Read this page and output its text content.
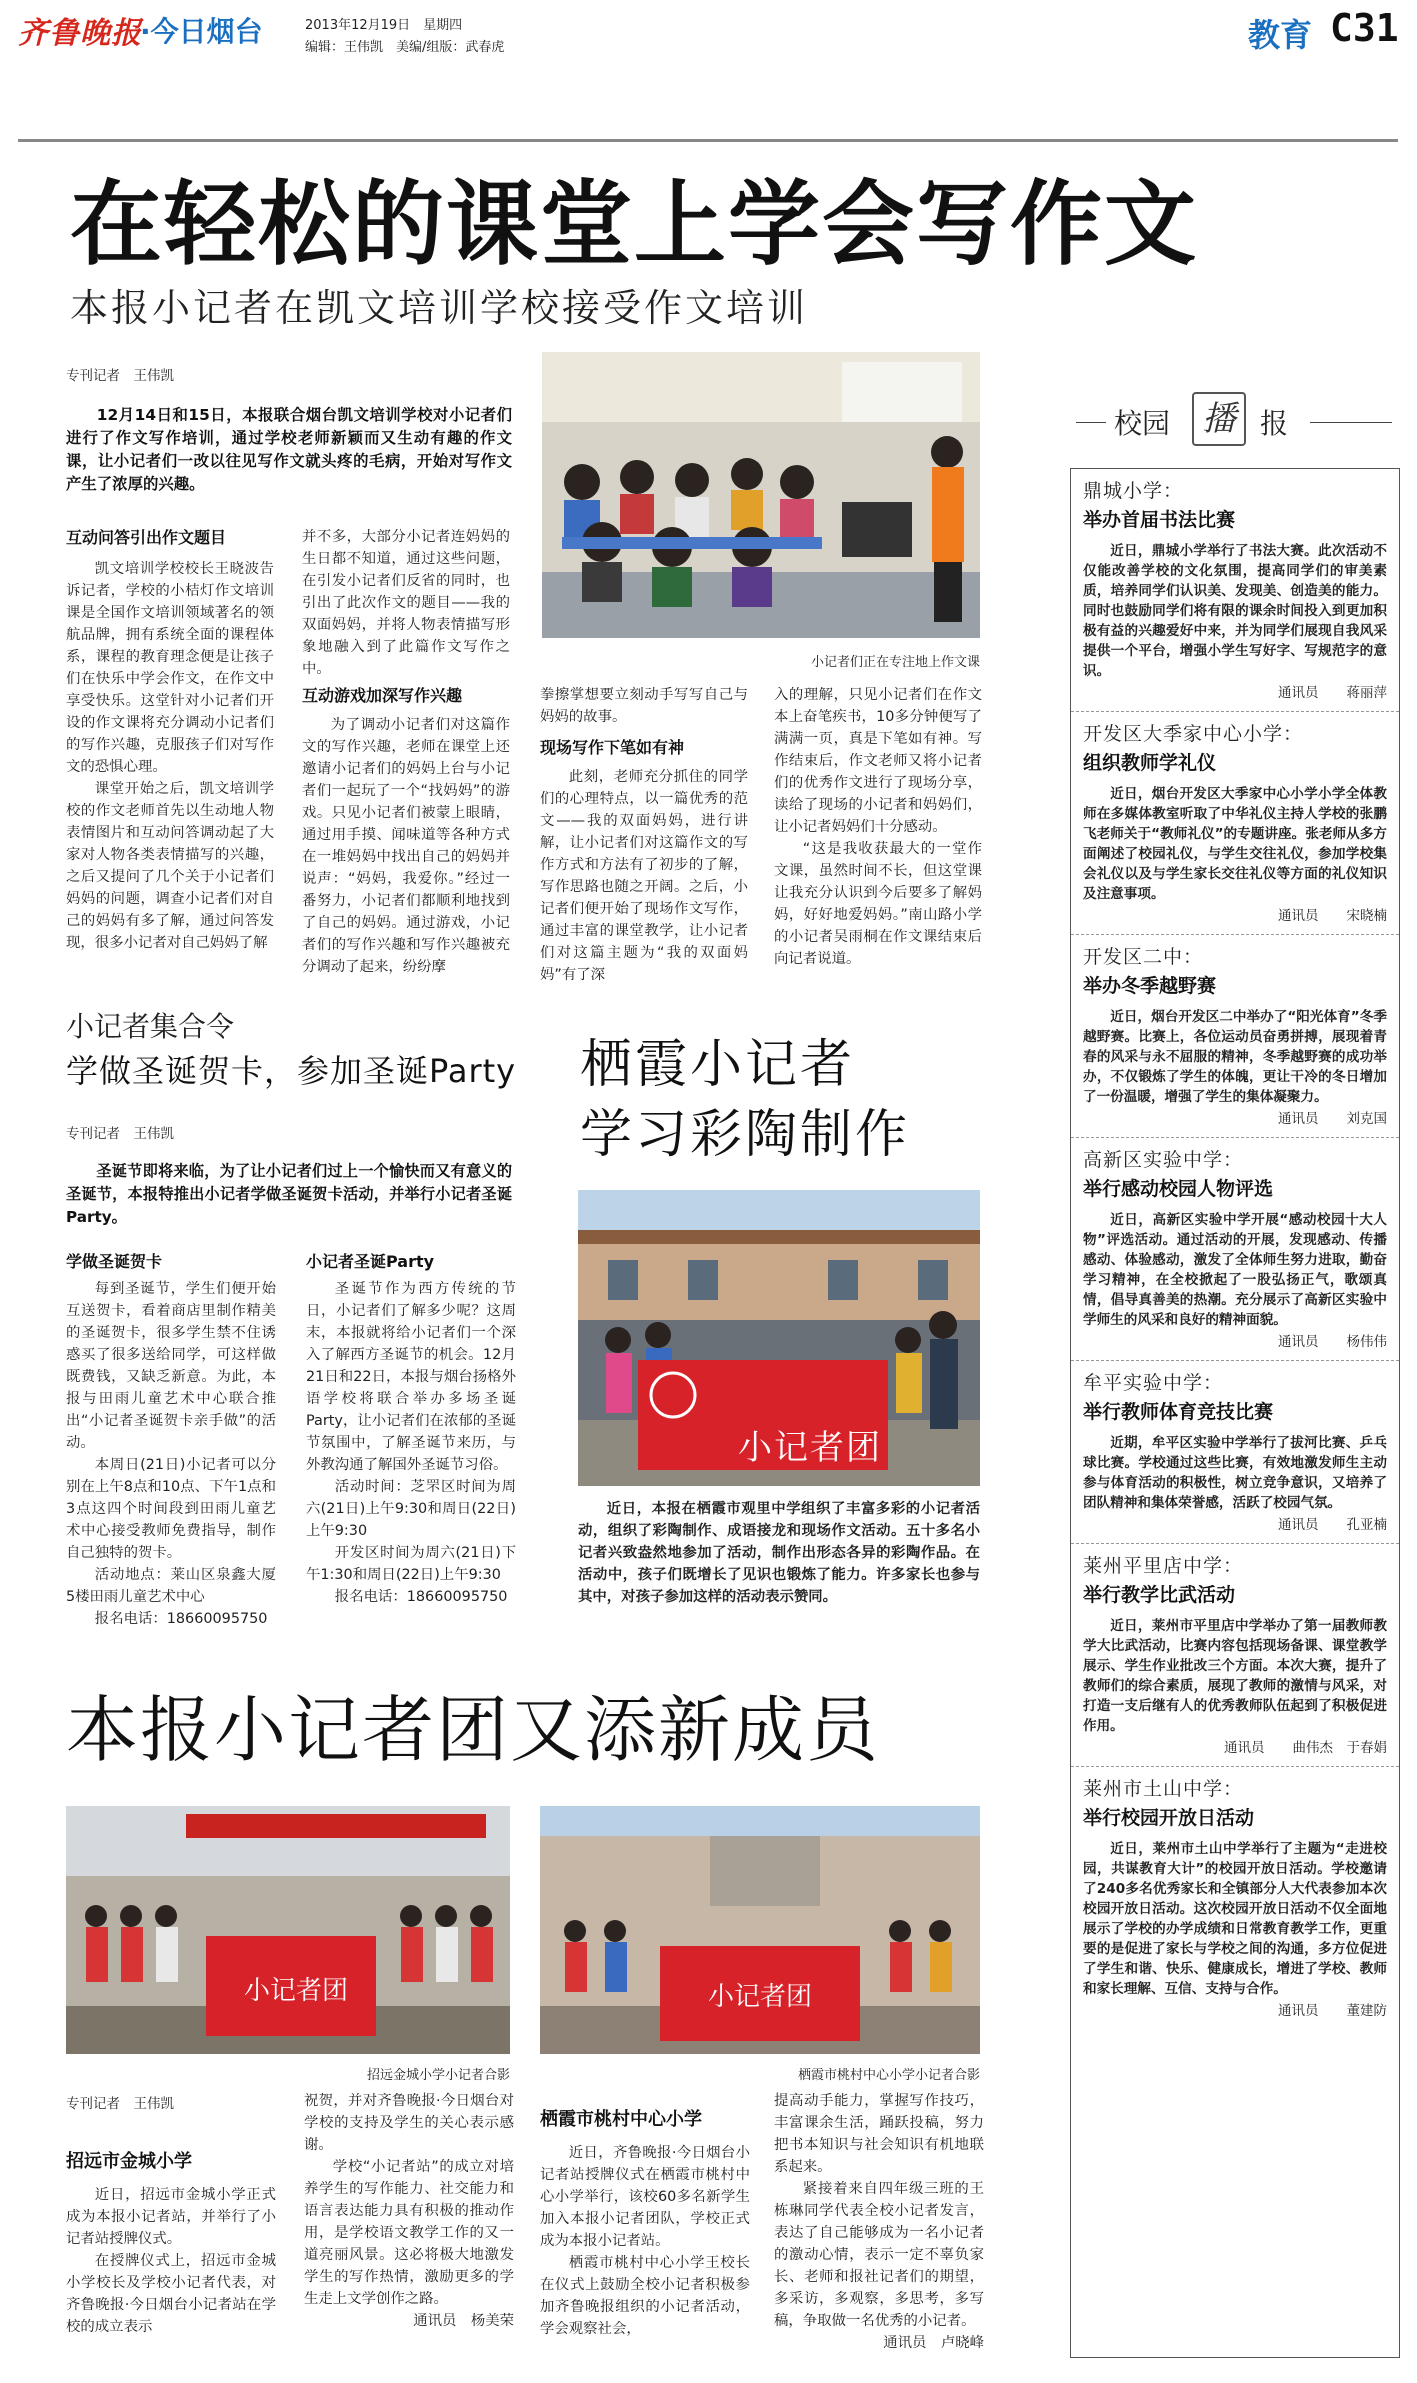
齐鲁晚报
·今日烟台	2013年12月19日　星期四
编辑：王伟凯　美编/组版：武春虎	教育 C31
在轻松的课堂上学会写作文
本报小记者在凯文培训学校接受作文培训
专刊记者　王伟凯
12月14日和15日，本报联合烟台凯文培训学校对小记者们进行了作文写作培训，通过学校老师新颖而又生动有趣的作文课，让小记者们一改以往见写作文就头疼的毛病，开始对写作文产生了浓厚的兴趣。
互动问答引出作文题目
凯文培训学校校长王晓波告诉记者，学校的小桔灯作文培训课是全国作文培训领域著名的领航品牌，拥有系统全面的课程体系，课程的教育理念便是让孩子们在快乐中学会作文，在作文中享受快乐。这堂针对小记者们开设的作文课将充分调动小记者们的写作兴趣，克服孩子们对写作文的恐惧心理。
课堂开始之后，凯文培训学校的作文老师首先以生动地人物表情图片和互动问答调动起了大家对人物各类表情描写的兴趣，之后又提问了几个关于小记者们妈妈的问题，调查小记者们对自己的妈妈有多了解，通过问答发现，很多小记者对自己妈妈了解
并不多，大部分小记者连妈妈的生日都不知道，通过这些问题，在引发小记者们反省的同时，也引出了此次作文的题目——我的双面妈妈，并将人物表情描写形象地融入到了此篇作文写作之中。
互动游戏加深写作兴趣
为了调动小记者们对这篇作文的写作兴趣，老师在课堂上还邀请小记者们的妈妈上台与小记者们一起玩了一个“找妈妈”的游戏。只见小记者们被蒙上眼睛，通过用手摸、闻味道等各种方式在一堆妈妈中找出自己的妈妈并说声：“妈妈，我爱你。”经过一番努力，小记者们都顺利地找到了自己的妈妈。通过游戏，小记者们的写作兴趣和写作兴趣被充分调动了起来，纷纷摩
小记者们正在专注地上作文课
拳擦掌想要立刻动手写写自己与妈妈的故事。
现场写作下笔如有神
此刻，老师充分抓住的同学们的心理特点，以一篇优秀的范文——我的双面妈妈，进行讲解，让小记者们对这篇作文的写作方式和方法有了初步的了解，写作思路也随之开阔。之后，小记者们便开始了现场作文写作，通过丰富的课堂教学，让小记者们对这篇主题为“我的双面妈妈”有了深
入的理解，只见小记者们在作文本上奋笔疾书，10多分钟便写了满满一页，真是下笔如有神。写作结束后，作文老师又将小记者们的优秀作文进行了现场分享，读给了现场的小记者和妈妈们，让小记者妈妈们十分感动。
“这是我收获最大的一堂作文课，虽然时间不长，但这堂课让我充分认识到今后要多了解妈妈，好好地爱妈妈。”南山路小学的小记者吴雨桐在作文课结束后向记者说道。
小记者集合令
学做圣诞贺卡，参加圣诞Party
专刊记者　王伟凯
圣诞节即将来临，为了让小记者们过上一个愉快而又有意义的圣诞节，本报特推出小记者学做圣诞贺卡活动，并举行小记者圣诞Party。
学做圣诞贺卡
每到圣诞节，学生们便开始互送贺卡，看着商店里制作精美的圣诞贺卡，很多学生禁不住诱惑买了很多送给同学，可这样做既费钱，又缺乏新意。为此，本报与田雨儿童艺术中心联合推出“小记者圣诞贺卡亲手做”的活动。
本周日(21日)小记者可以分别在上午8点和10点、下午1点和3点这四个时间段到田雨儿童艺术中心接受教师免费指导，制作自己独特的贺卡。
活动地点：莱山区泉鑫大厦5楼田雨儿童艺术中心
报名电话：18660095750
小记者圣诞Party
圣诞节作为西方传统的节日，小记者们了解多少呢？这周末，本报就将给小记者们一个深入了解西方圣诞节的机会。12月21日和22日，本报与烟台扬格外语学校将联合举办多场圣诞Party，让小记者们在浓郁的圣诞节氛围中，了解圣诞节来历，与外教沟通了解国外圣诞节习俗。
活动时间：芝罘区时间为周六(21日)上午9:30和周日(22日)上午9:30
开发区时间为周六(21日)下午1:30和周日(22日)上午9:30
报名电话：18660095750
栖霞小记者
学习彩陶制作
小记者团
近日，本报在栖霞市观里中学组织了丰富多彩的小记者活动，组织了彩陶制作、成语接龙和现场作文活动。五十多名小记者兴致盎然地参加了活动，制作出形态各异的彩陶作品。在活动中，孩子们既增长了见识也锻炼了能力。许多家长也参与其中，对孩子参加这样的活动表示赞同。
本报小记者团又添新成员
小记者团
招远金城小学小记者合影
小记者团
栖霞市桃村中心小学小记者合影
专刊记者　王伟凯
招远市金城小学
近日，招远市金城小学正式成为本报小记者站，并举行了小记者站授牌仪式。
在授牌仪式上，招远市金城小学校长及学校小记者代表，对齐鲁晚报·今日烟台小记者站在学校的成立表示
祝贺，并对齐鲁晚报·今日烟台对学校的支持及学生的关心表示感谢。
学校“小记者站”的成立对培养学生的写作能力、社交能力和语言表达能力具有积极的推动作用，是学校语文教学工作的又一道亮丽风景。这必将极大地激发学生的写作热情，激励更多的学生走上文学创作之路。
通讯员　杨美荣
栖霞市桃村中心小学
近日，齐鲁晚报·今日烟台小记者站授牌仪式在栖霞市桃村中心小学举行，该校60多名新学生加入本报小记者团队，学校正式成为本报小记者站。
栖霞市桃村中心小学王校长在仪式上鼓励全校小记者积极参加齐鲁晚报组织的小记者活动，学会观察社会，
提高动手能力，掌握写作技巧，丰富课余生活，踊跃投稿，努力把书本知识与社会知识有机地联系起来。
紧接着来自四年级三班的王栋琳同学代表全校小记者发言，表达了自己能够成为一名小记者的激动心情，表示一定不辜负家长、老师和报社记者们的期望，多采访，多观察，多思考，多写稿，争取做一名优秀的小记者。
通讯员　卢晓峰
校园 播 报
鼎城小学：
举办首届书法比赛
近日，鼎城小学举行了书法大赛。此次活动不仅能改善学校的文化氛围，提高同学们的审美素质，培养同学们认识美、发现美、创造美的能力。同时也鼓励同学们将有限的课余时间投入到更加积极有益的兴趣爱好中来，并为同学们展现自我风采提供一个平台，增强小学生写好字、写规范字的意识。
通讯员 蒋丽萍
开发区大季家中心小学：
组织教师学礼仪
近日，烟台开发区大季家中心小学小学全体教师在多媒体教室听取了中华礼仪主持人学校的张鹏飞老师关于“教师礼仪”的专题讲座。张老师从多方面阐述了校园礼仪，与学生交往礼仪，参加学校集会礼仪以及与学生家长交往礼仪等方面的礼仪知识及注意事项。
通讯员 宋晓楠
开发区二中：
举办冬季越野赛
近日，烟台开发区二中举办了“阳光体育”冬季越野赛。比赛上，各位运动员奋勇拼搏，展现着青春的风采与永不屈服的精神，冬季越野赛的成功举办，不仅锻炼了学生的体魄，更让干冷的冬日增加了一份温暖，增强了学生的集体凝聚力。
通讯员 刘克国
高新区实验中学：
举行感动校园人物评选
近日，高新区实验中学开展“感动校园十大人物”评选活动。通过活动的开展，发现感动、传播感动、体验感动，激发了全体师生努力进取，勤奋学习精神，在全校掀起了一股弘扬正气，歌颂真情，倡导真善美的热潮。充分展示了高新区实验中学师生的风采和良好的精神面貌。
通讯员 杨伟伟
牟平实验中学：
举行教师体育竞技比赛
近期，牟平区实验中学举行了拔河比赛、乒乓球比赛。学校通过这些比赛，有效地激发师生主动参与体育活动的积极性，树立竞争意识，又培养了团队精神和集体荣誉感，活跃了校园气氛。
通讯员 孔亚楠
莱州平里店中学：
举行教学比武活动
近日，莱州市平里店中学举办了第一届教师教学大比武活动，比赛内容包括现场备课、课堂教学展示、学生作业批改三个方面。本次大赛，提升了教师们的综合素质，展现了教师的激情与风采，对打造一支后继有人的优秀教师队伍起到了积极促进作用。
通讯员 曲伟杰　于春娟
莱州市土山中学：
举行校园开放日活动
近日，莱州市土山中学举行了主题为“走进校园，共谋教育大计”的校园开放日活动。学校邀请了240多名优秀家长和全镇部分人大代表参加本次校园开放日活动。这次校园开放日活动不仅全面地展示了学校的办学成绩和日常教育教学工作，更重要的是促进了家长与学校之间的沟通，多方位促进了学生和谐、快乐、健康成长，增进了学校、教师和家长理解、互信、支持与合作。
通讯员 董建防
